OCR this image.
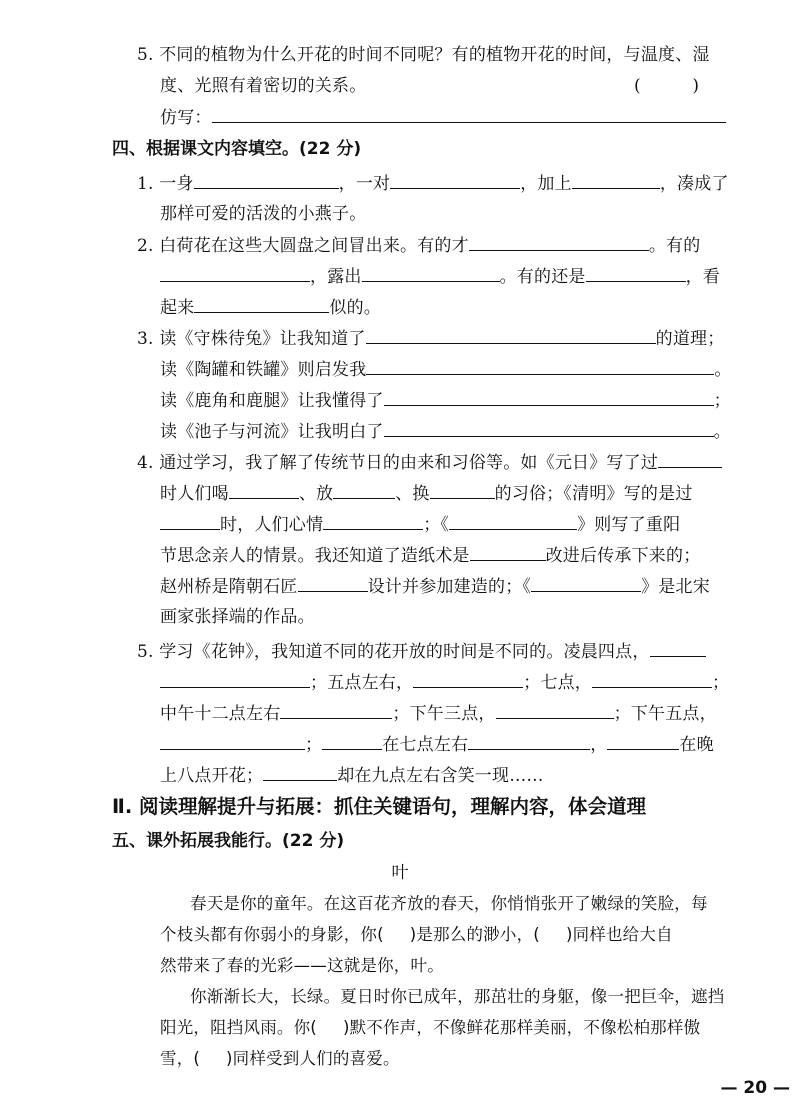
5. 不同的植物为什么开花的时间不同呢？有的植物开花的时间，与温度、湿
度、光照有着密切的关系。	(　　　)
仿写：
四、根据课文内容填空。(22 分)
1. 一身	，一对	，加上	，凑成了
那样可爱的活泼的小燕子。
2. 白荷花在这些大圆盘之间冒出来。有的才	。有的
，露出	。有的还是	，看
起来	似的。
3. 读《守株待兔》让我知道了	的道理；
读《陶罐和铁罐》则启发我	。
读《鹿角和鹿腿》让我懂得了	；
读《池子与河流》让我明白了	。
4. 通过学习，我了解了传统节日的由来和习俗等。如《元日》写了过
时人们喝	、放	、换	的习俗；《清明》写的是过
时，人们心情	；《	》则写了重阳
节思念亲人的情景。我还知道了造纸术是	改进后传承下来的；
赵州桥是隋朝石匠	设计并参加建造的；《	》是北宋
画家张择端的作品。
5. 学习《花钟》，我知道不同的花开放的时间是不同的。凌晨四点，
；五点左右，	；七点，	；
中午十二点左右	；下午三点，	；下午五点，
；	在七点左右	，	在晚
上八点开花；	却在九点左右含笑一现……
Ⅱ. 阅读理解提升与拓展：抓住关键语句，理解内容，体会道理
五、课外拓展我能行。(22 分)
叶
春天是你的童年。在这百花齐放的春天，你悄悄张开了嫩绿的笑脸，每
个枝头都有你弱小的身影，你( )是那么的渺小，( )同样也给大自
然带来了春的光彩——这就是你，叶。
你渐渐长大，长绿。夏日时你已成年，那茁壮的身躯，像一把巨伞，遮挡
阳光，阻挡风雨。你( )默不作声，不像鲜花那样美丽，不像松柏那样傲
雪，( )同样受到人们的喜爱。
— 20 —
